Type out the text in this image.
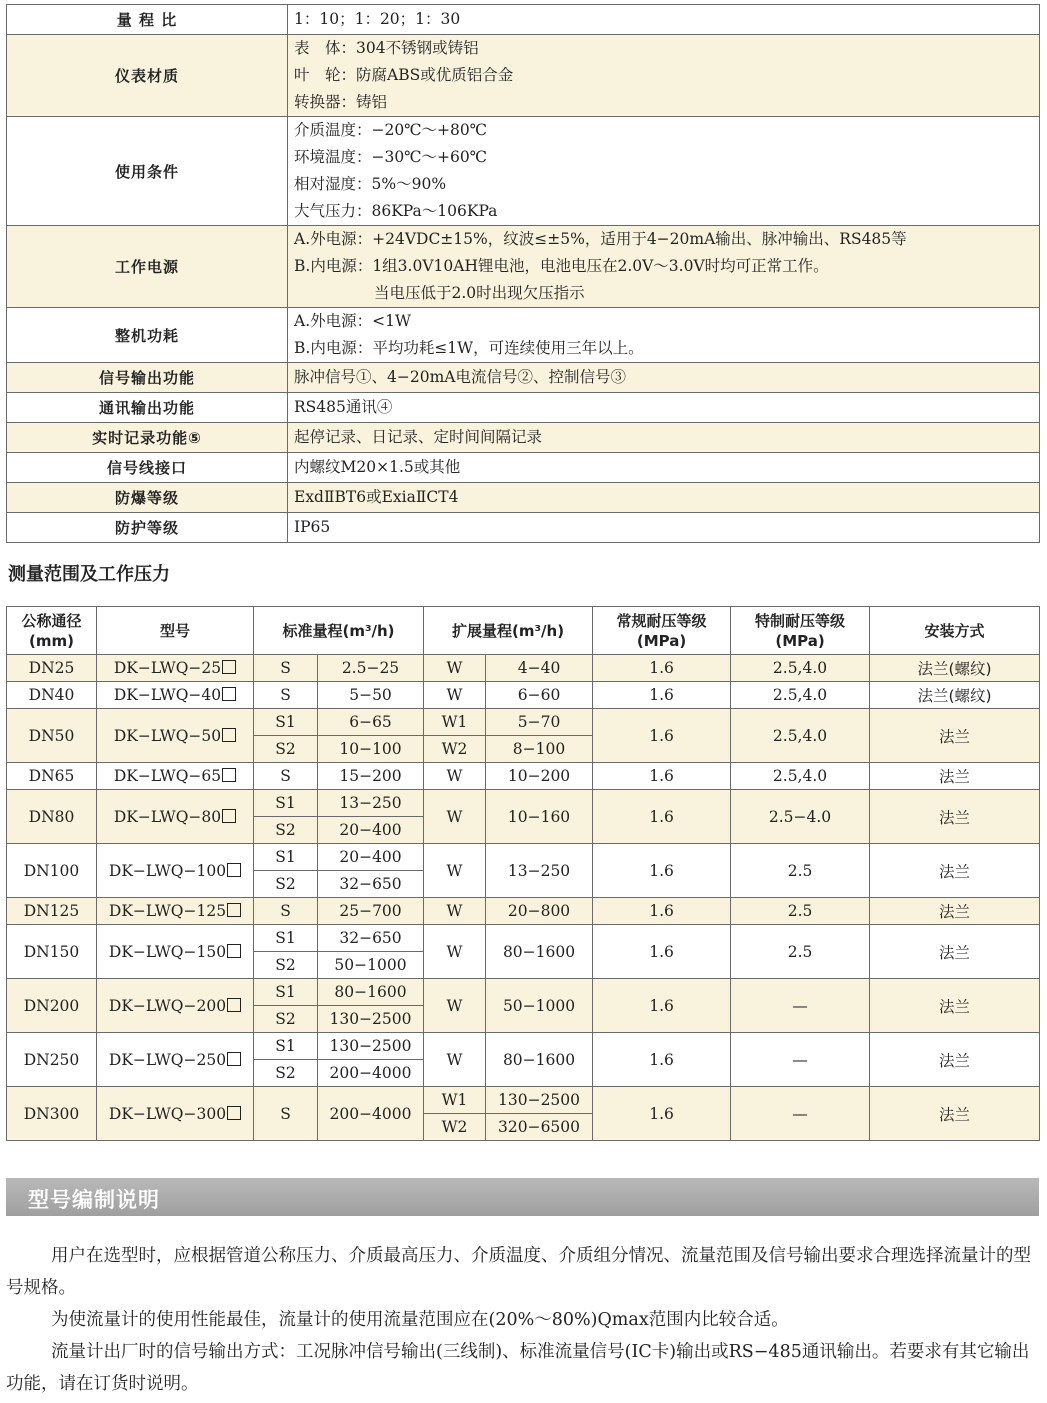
量 程 比	1：10；1：20；1：30

仪表材质	表　体：304不锈钢或铸铝
叶　轮：防腐ABS或优质铝合金
转换器：铸铝

使用条件	介质温度：−20℃～+80℃
环境温度：−30℃～+60℃
相对湿度：5%～90%
大气压力：86KPa～106KPa

工作电源	A.外电源：+24VDC±15%，纹波≤±5%，适用于4−20mA输出、脉冲输出、RS485等
B.内电源：1组3.0V10AH锂电池，电池电压在2.0V～3.0V时均可正常工作。
当电压低于2.0时出现欠压指示

整机功耗	A.外电源：<1W
B.内电源：平均功耗≤1W，可连续使用三年以上。

信号输出功能	脉冲信号①、4−20mA电流信号②、控制信号③

通讯输出功能	RS485通讯④

实时记录功能⑤	起停记录、日记录、定时间间隔记录

信号线接口	内螺纹M20×1.5或其他

防爆等级	ExdⅡBT6或ExiaⅡCT4

防护等级	IP65
测量范围及工作压力
公称通径
(mm)	型号	标准量程(m³/h)		扩展量程(m³/h)		常规耐压等级
(MPa)	特制耐压等级
(MPa)	安装方式
DN25	DK−LWQ−25	S	2.5−25	W	4−40	1.6	2.5,4.0	法兰(螺纹)
DN40	DK−LWQ−40	S	5−50	W	6−60	1.6	2.5,4.0	法兰(螺纹)
DN50	DK−LWQ−50	S1	6−65	W1	5−70	1.6	2.5,4.0	法兰
		S2	10−100	W2	8−100			
DN65	DK−LWQ−65	S	15−200	W	10−200	1.6	2.5,4.0	法兰
DN80	DK−LWQ−80	S1	13−250	W	10−160	1.6	2.5−4.0	法兰
		S2	20−400					
DN100	DK−LWQ−100	S1	20−400	W	13−250	1.6	2.5	法兰
		S2	32−650					
DN125	DK−LWQ−125	S	25−700	W	20−800	1.6	2.5	法兰
DN150	DK−LWQ−150	S1	32−650	W	80−1600	1.6	2.5	法兰
		S2	50−1000					
DN200	DK−LWQ−200	S1	80−1600	W	50−1000	1.6	—	法兰
		S2	130−2500					
DN250	DK−LWQ−250	S1	130−2500	W	80−1600	1.6	—	法兰
		S2	200−4000					
DN300	DK−LWQ−300	S	200−4000	W1	130−2500	1.6	—	法兰
				W2	320−6500			
型号编制说明

用户在选型时，应根据管道公称压力、介质最高压力、介质温度、介质组分情况、流量范围及信号输出要求合理选择流量计的型号规格。

为使流量计的使用性能最佳，流量计的使用流量范围应在(20%～80%)Qmax范围内比较合适。

流量计出厂时的信号输出方式：工况脉冲信号输出(三线制)、标准流量信号(IC卡)输出或RS−485通讯输出。若要求有其它输出功能，请在订货时说明。
